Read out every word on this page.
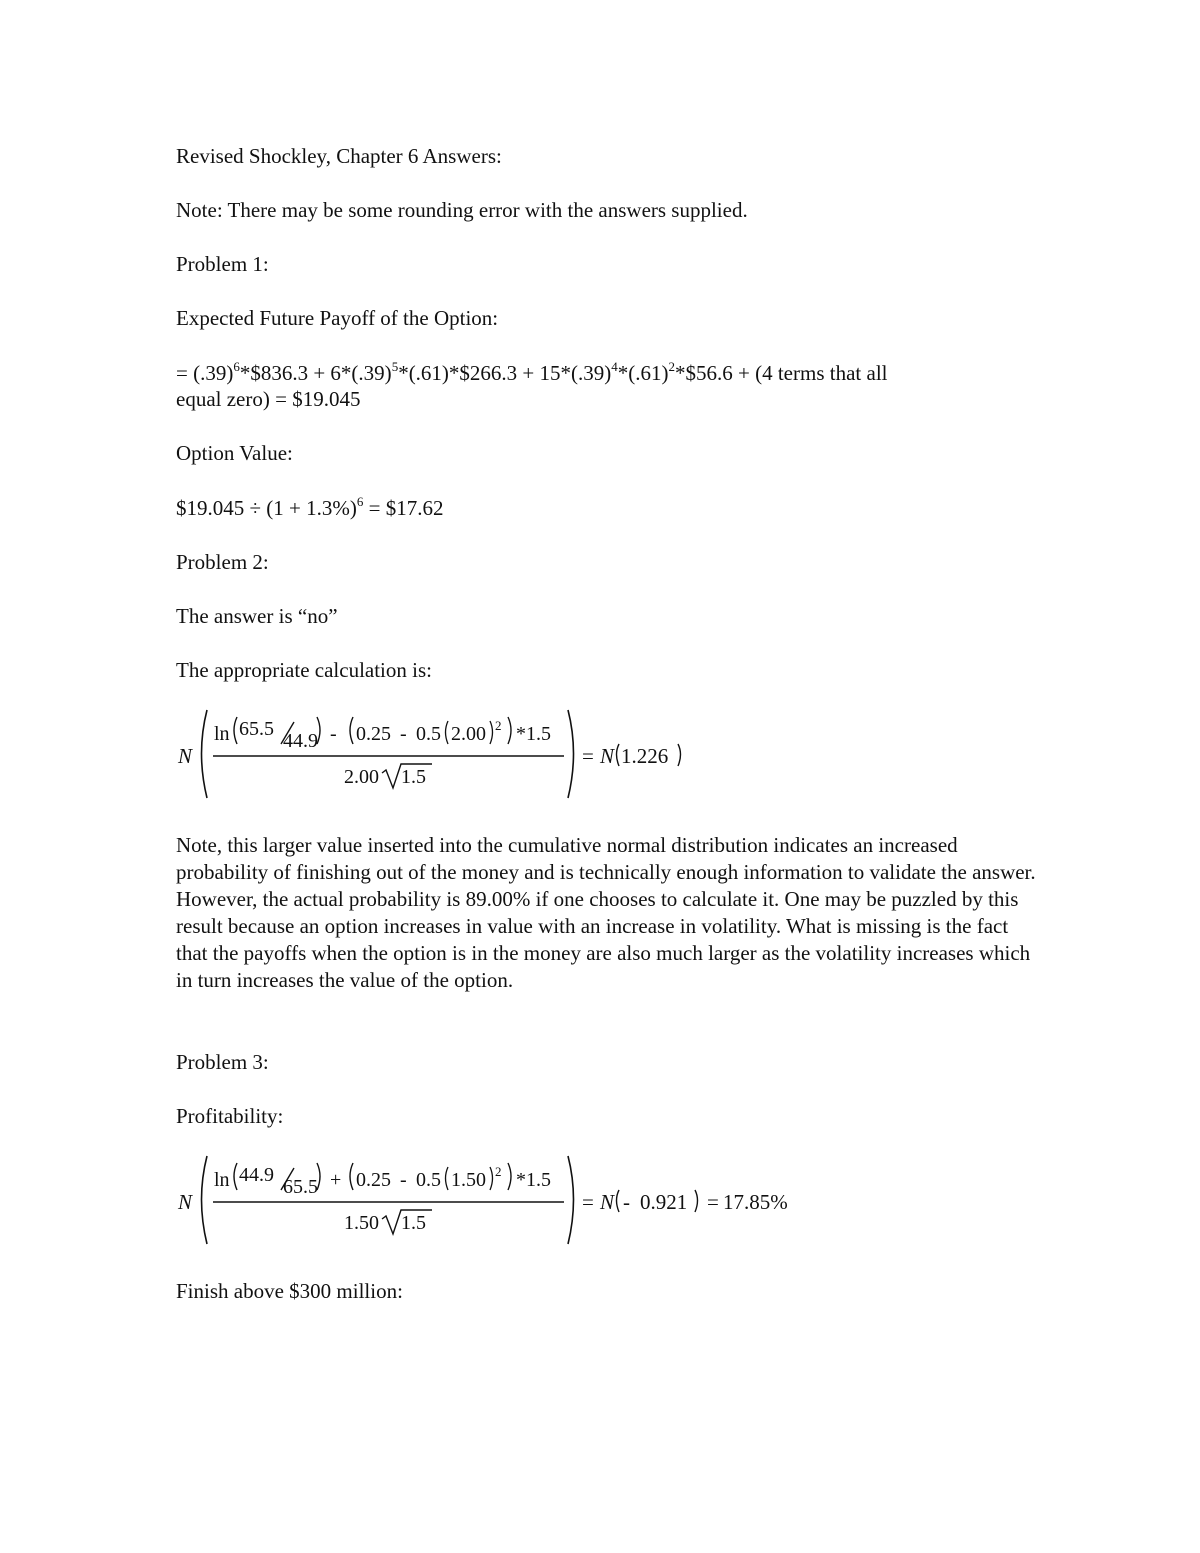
Revised Shockley, Chapter 6 Answers:

Note: There may be some rounding error with the answers supplied.

Problem 1:

Expected Future Payoff of the Option:

= $(.39)^6*\$836.3$ + $6*(.39)^5*(.61)*\$266.3$ + $15*(.39)^4*(.61)^2*\$56.6 + (4$ terms that all

equal zero) = $19.045

Option Value:

$19.045 ÷ $(1 + 1.3\%)^6$ = $17.62

Problem 2:

The answer is “no”

The appropriate calculation is:

N
ln 65.5
44.9 - 0.25 - 0.5 2.00 2 *1.5
2.00 1.5
= N 1.226

Note, this larger value inserted into the cumulative normal distribution indicates an increased probability of finishing out of the money and is technically enough information to validate the answer. However, the actual probability is 89.00% if one chooses to calculate it. One may be puzzled by this result because an option increases in value with an increase in volatility. What is missing is the fact that the payoffs when the option is in the money are also much larger as the volatility increases which in turn increases the value of the option.

Problem 3:

Profitability:

N
ln 44.9
65.5 + 0.25 - 0.5 1.50 2 *1.5
1.50 1.5
= N - 0.921 = 17.85%

Finish above $300 million:
